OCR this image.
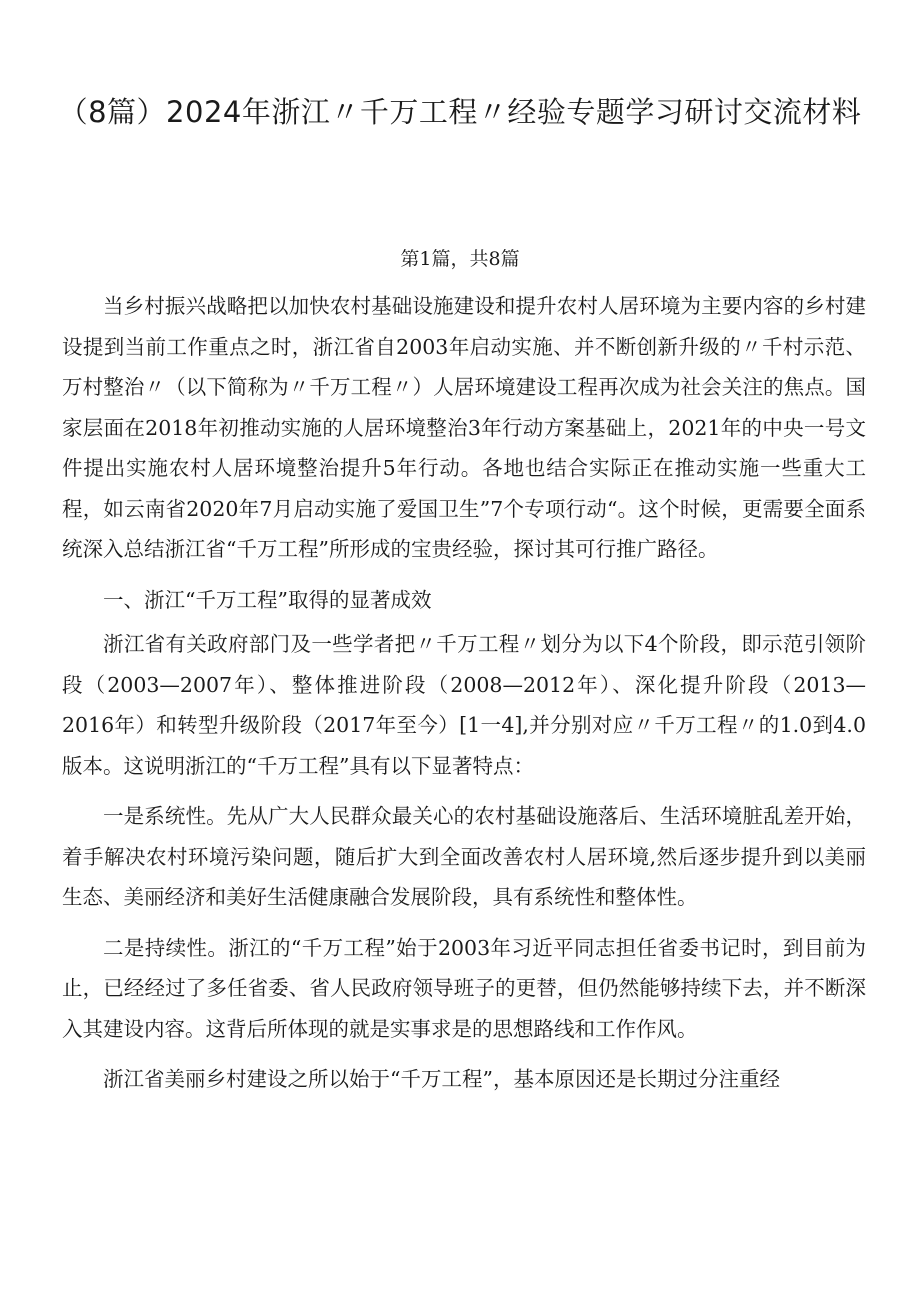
（8篇）2024年浙江〃千万工程〃经验专题学习研讨交流材料

第1篇，共8篇

当乡村振兴战略把以加快农村基础设施建设和提升农村人居环境为主要内容的乡村建设提到当前工作重点之时，浙江省自2003年启动实施、并不断创新升级的〃千村示范、万村整治〃（以下简称为〃千万工程〃）人居环境建设工程再次成为社会关注的焦点。国家层面在2018年初推动实施的人居环境整治3年行动方案基础上，2021年的中央一号文件提出实施农村人居环境整治提升5年行动。各地也结合实际正在推动实施一些重大工程，如云南省2020年7月启动实施了爱国卫生”7个专项行动“。这个时候，更需要全面系统深入总结浙江省“千万工程”所形成的宝贵经验，探讨其可行推广路径。

一、浙江“千万工程”取得的显著成效

浙江省有关政府部门及一些学者把〃千万工程〃划分为以下4个阶段，即示范引领阶段（2003—2007年）、整体推进阶段（2008—2012年）、深化提升阶段（2013—2016年）和转型升级阶段（2017年至今）[1一4],并分别对应〃千万工程〃的1.0到4.0版本。这说明浙江的“千万工程”具有以下显著特点：

一是系统性。先从广大人民群众最关心的农村基础设施落后、生活环境脏乱差开始，着手解决农村环境污染问题，随后扩大到全面改善农村人居环境,然后逐步提升到以美丽生态、美丽经济和美好生活健康融合发展阶段，具有系统性和整体性。

二是持续性。浙江的“千万工程”始于2003年习近平同志担任省委书记时，到目前为止，已经经过了多任省委、省人民政府领导班子的更替，但仍然能够持续下去，并不断深入其建设内容。这背后所体现的就是实事求是的思想路线和工作作风。

浙江省美丽乡村建设之所以始于“千万工程”，基本原因还是长期过分注重经
